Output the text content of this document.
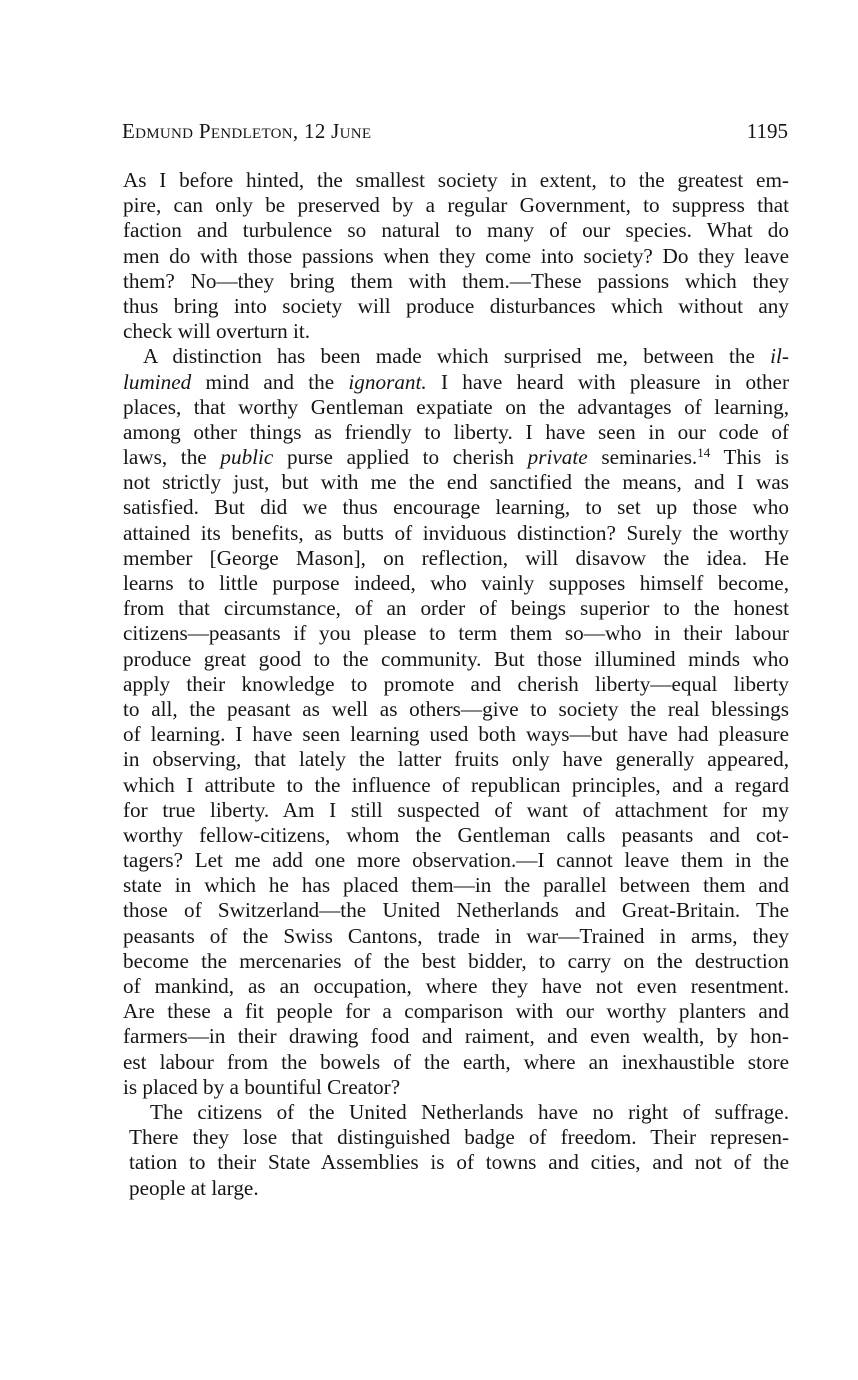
Edmund Pendleton, 12 June	1195
As I before hinted, the smallest society in extent, to the greatest em-
pire, can only be preserved by a regular Government, to suppress that
faction and turbulence so natural to many of our species. What do
men do with those passions when they come into society? Do they leave
them? No—they bring them with them.—These passions which they
thus bring into society will produce disturbances which without any
check will overturn it.
A distinction has been made which surprised me, between the il-
lumined mind and the ignorant. I have heard with pleasure in other
places, that worthy Gentleman expatiate on the advantages of learning,
among other things as friendly to liberty. I have seen in our code of
laws, the public purse applied to cherish private seminaries.$^{14}$ This is
not strictly just, but with me the end sanctified the means, and I was
satisfied. But did we thus encourage learning, to set up those who
attained its benefits, as butts of inviduous distinction? Surely the worthy
member [George Mason], on reflection, will disavow the idea. He
learns to little purpose indeed, who vainly supposes himself become,
from that circumstance, of an order of beings superior to the honest
citizens—peasants if you please to term them so—who in their labour
produce great good to the community. But those illumined minds who
apply their knowledge to promote and cherish liberty—equal liberty
to all, the peasant as well as others—give to society the real blessings
of learning. I have seen learning used both ways—but have had pleasure
in observing, that lately the latter fruits only have generally appeared,
which I attribute to the influence of republican principles, and a regard
for true liberty. Am I still suspected of want of attachment for my
worthy fellow-citizens, whom the Gentleman calls peasants and cot-
tagers? Let me add one more observation.—I cannot leave them in the
state in which he has placed them—in the parallel between them and
those of Switzerland—the United Netherlands and Great-Britain. The
peasants of the Swiss Cantons, trade in war—Trained in arms, they
become the mercenaries of the best bidder, to carry on the destruction
of mankind, as an occupation, where they have not even resentment.
Are these a fit people for a comparison with our worthy planters and
farmers—in their drawing food and raiment, and even wealth, by hon-
est labour from the bowels of the earth, where an inexhaustible store
is placed by a bountiful Creator?
The citizens of the United Netherlands have no right of suffrage.
There they lose that distinguished badge of freedom. Their represen-
tation to their State Assemblies is of towns and cities, and not of the
people at large.
